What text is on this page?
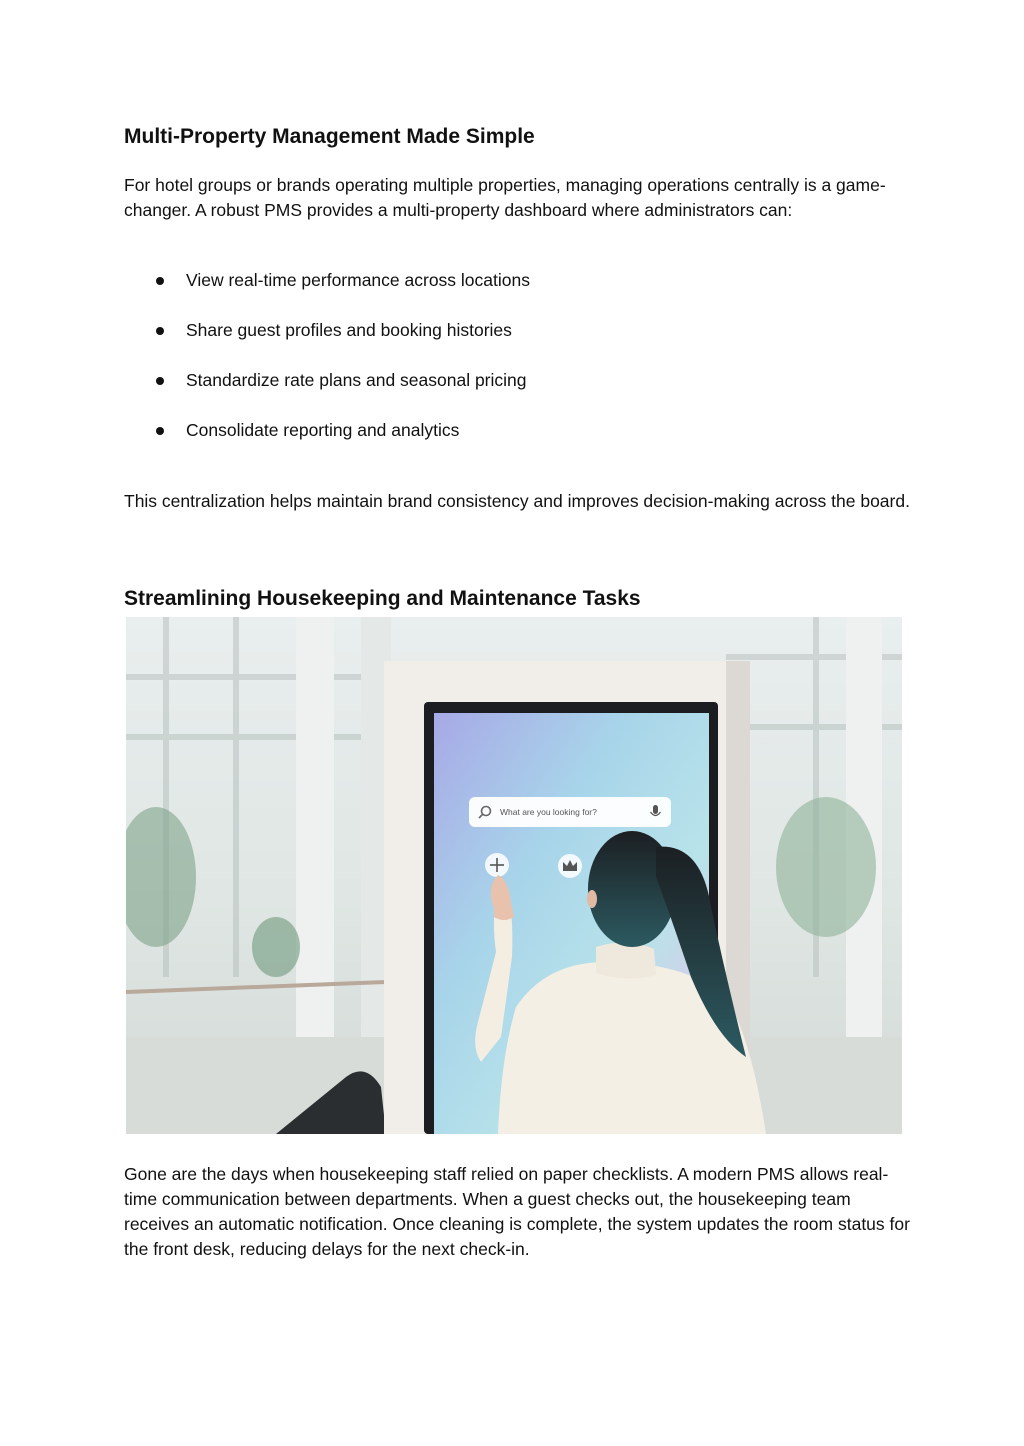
Multi-Property Management Made Simple

For hotel groups or brands operating multiple properties, managing operations centrally is a game-changer. A robust PMS provides a multi-property dashboard where administrators can:

View real-time performance across locations
Share guest profiles and booking histories
Standardize rate plans and seasonal pricing
Consolidate reporting and analytics

This centralization helps maintain brand consistency and improves decision-making across the board.

Streamlining Housekeeping and Maintenance Tasks
What are you looking for?

Gone are the days when housekeeping staff relied on paper checklists. A modern PMS allows real-time communication between departments. When a guest checks out, the housekeeping team receives an automatic notification. Once cleaning is complete, the system updates the room status for the front desk, reducing delays for the next check-in.
